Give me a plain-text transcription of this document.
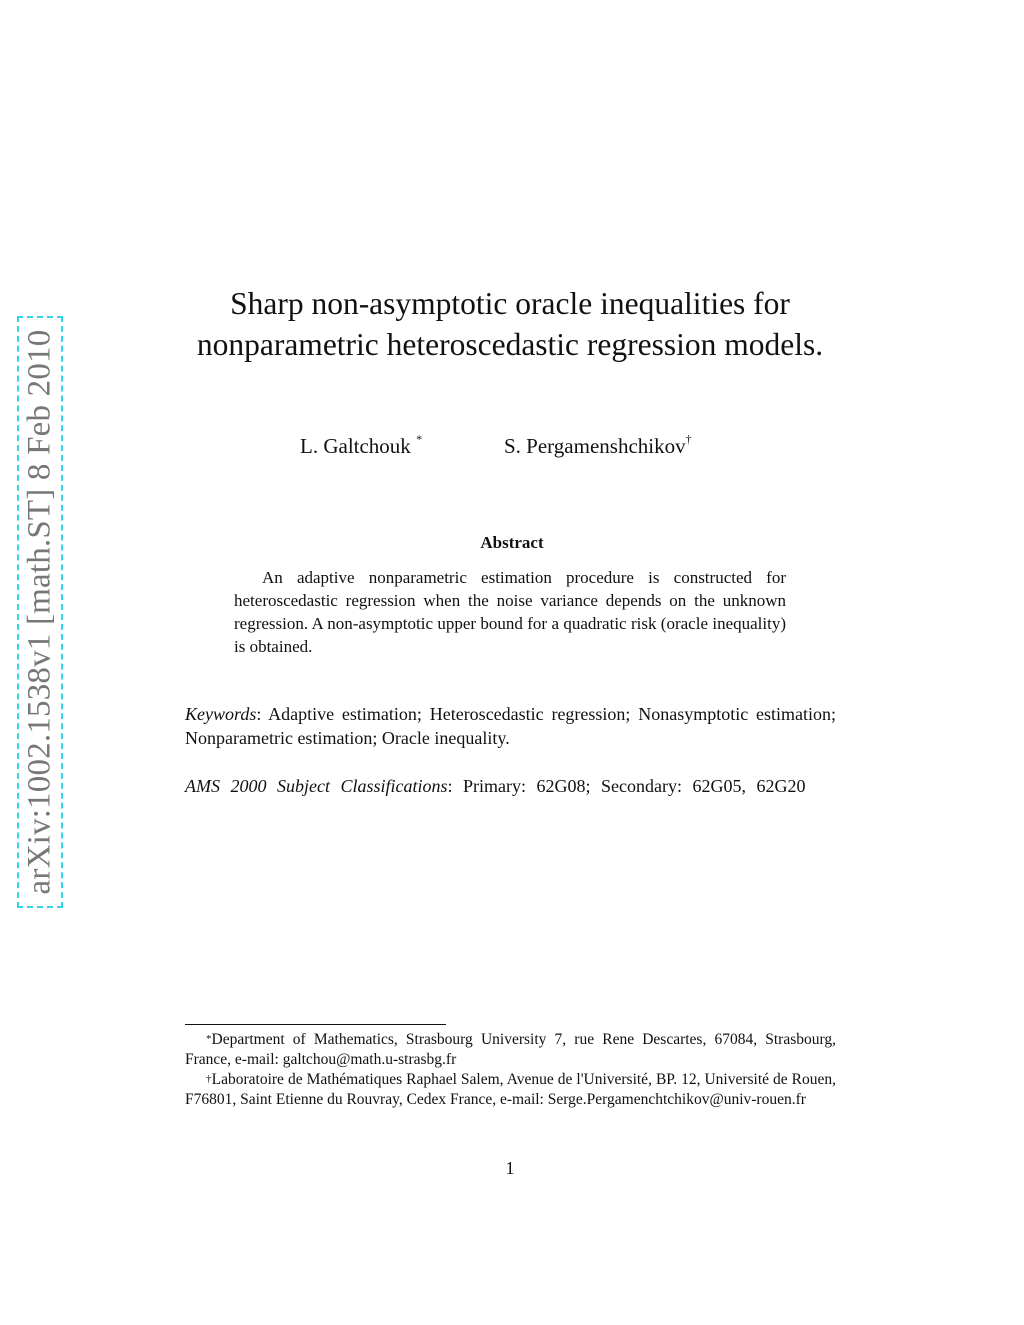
arXiv:1002.1538v1 [math.ST] 8 Feb 2010
Sharp non-asymptotic oracle inequalities for nonparametric heteroscedastic regression models.
L. Galtchouk *	S. Pergamenshchikov†
Abstract
An adaptive nonparametric estimation procedure is constructed for heteroscedastic regression when the noise variance depends on the unknown regression. A non-asymptotic upper bound for a quadratic risk (oracle inequality) is obtained.
Keywords: Adaptive estimation; Heteroscedastic regression; Nonasymptotic estimation; Nonparametric estimation; Oracle inequality.
AMS 2000 Subject Classifications: Primary: 62G08; Secondary: 62G05, 62G20
*Department of Mathematics, Strasbourg University 7, rue Rene Descartes, 67084, Strasbourg, France, e-mail: galtchou@math.u-strasbg.fr
†Laboratoire de Mathématiques Raphael Salem, Avenue de l'Université, BP. 12, Université de Rouen, F76801, Saint Etienne du Rouvray, Cedex France, e-mail: Serge.Pergamenchtchikov@univ-rouen.fr
1
